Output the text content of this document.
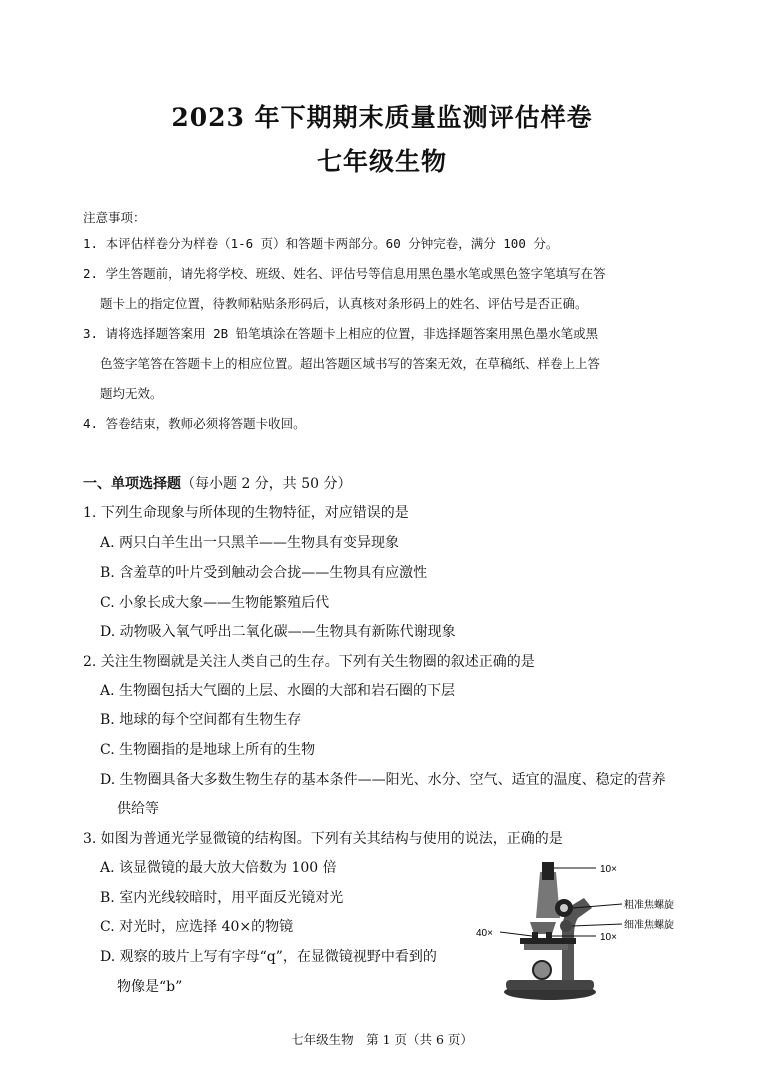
2023 年下期期末质量监测评估样卷
七年级生物
注意事项：
1. 本评估样卷分为样卷（1-6 页）和答题卡两部分。60 分钟完卷，满分 100 分。
2. 学生答题前，请先将学校、班级、姓名、评估号等信息用黑色墨水笔或黑色签字笔填写在答
题卡上的指定位置，待教师粘贴条形码后，认真核对条形码上的姓名、评估号是否正确。
3. 请将选择题答案用 2B 铅笔填涂在答题卡上相应的位置，非选择题答案用黑色墨水笔或黑
色签字笔答在答题卡上的相应位置。超出答题区域书写的答案无效，在草稿纸、样卷上上答
题均无效。
4. 答卷结束，教师必须将答题卡收回。
一、单项选择题（每小题 2 分，共 50 分）
1. 下列生命现象与所体现的生物特征，对应错误的是
A. 两只白羊生出一只黑羊——生物具有变异现象
B. 含羞草的叶片受到触动会合拢——生物具有应激性
C. 小象长成大象——生物能繁殖后代
D. 动物吸入氧气呼出二氧化碳——生物具有新陈代谢现象
2. 关注生物圈就是关注人类自己的生存。下列有关生物圈的叙述正确的是
A. 生物圈包括大气圈的上层、水圈的大部和岩石圈的下层
B. 地球的每个空间都有生物生存
C. 生物圈指的是地球上所有的生物
D. 生物圈具备大多数生物生存的基本条件——阳光、水分、空气、适宜的温度、稳定的营养
供给等
3. 如图为普通光学显微镜的结构图。下列有关其结构与使用的说法，正确的是
A. 该显微镜的最大放大倍数为 100 倍
B. 室内光线较暗时，用平面反光镜对光
C. 对光时，应选择 40×的物镜
D. 观察的玻片上写有字母“q”，在显微镜视野中看到的
物像是“b”
10×
粗准焦螺旋
细准焦螺旋
40×	10×
七年级生物　第 1 页（共 6 页）
